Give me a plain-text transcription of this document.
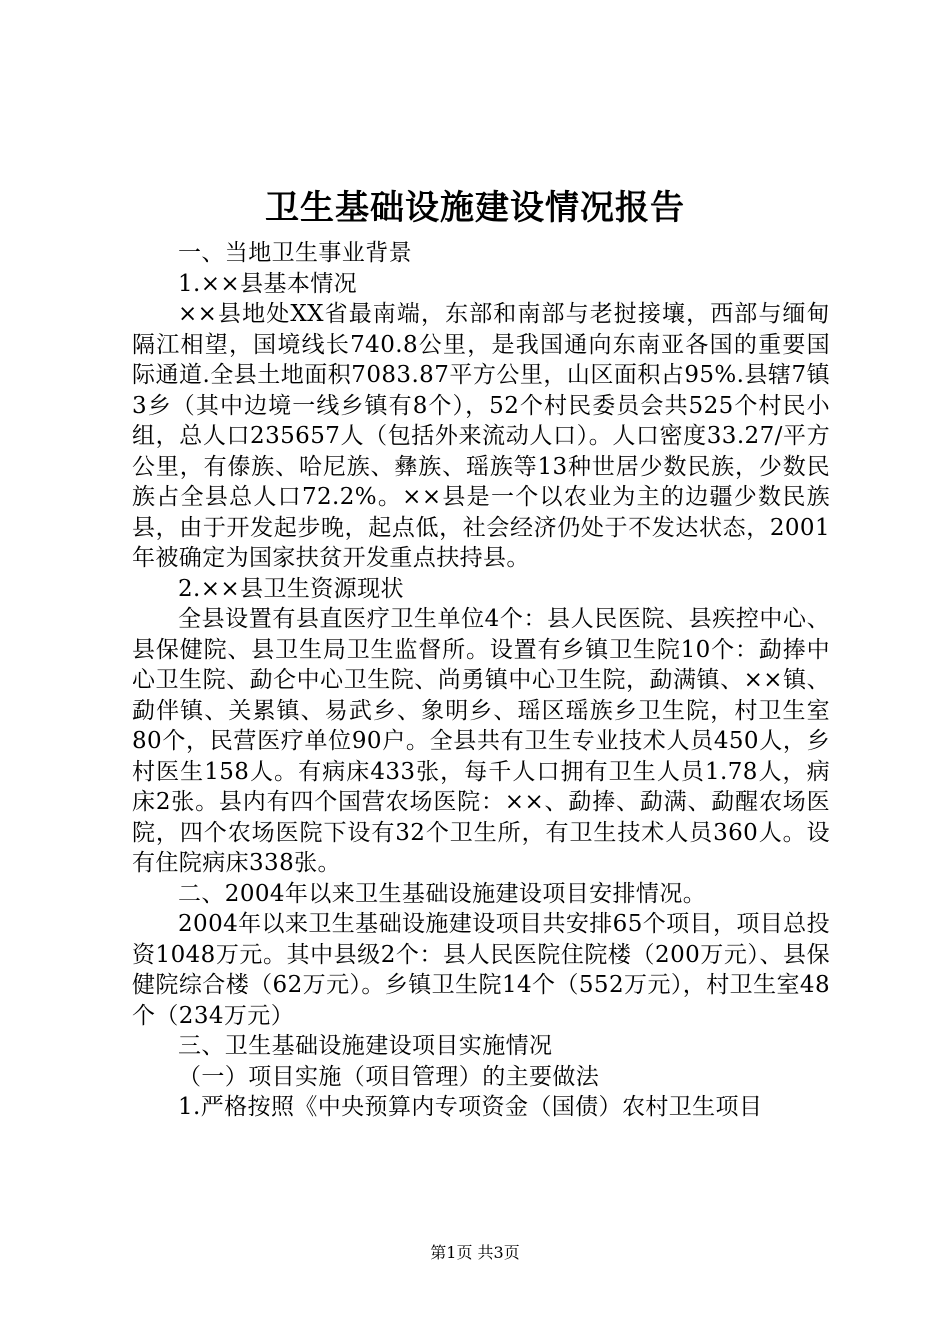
卫生基础设施建设情况报告

一、当地卫生事业背景

1.××县基本情况

××县地处XX省最南端，东部和南部与老挝接壤，西部与缅甸隔江相望，国境线长740.8公里，是我国通向东南亚各国的重要国际通道.全县土地面积7083.87平方公里，山区面积占95%.县辖7镇3乡（其中边境一线乡镇有8个），52个村民委员会共525个村民小组，总人口235657人（包括外来流动人口）。人口密度33.27/平方公里，有傣族、哈尼族、彝族、瑶族等13种世居少数民族，少数民族占全县总人口72.2%。××县是一个以农业为主的边疆少数民族县，由于开发起步晚，起点低，社会经济仍处于不发达状态，2001年被确定为国家扶贫开发重点扶持县。

2.××县卫生资源现状

全县设置有县直医疗卫生单位4个：县人民医院、县疾控中心、县保健院、县卫生局卫生监督所。设置有乡镇卫生院10个：勐捧中心卫生院、勐仑中心卫生院、尚勇镇中心卫生院，勐满镇、××镇、勐伴镇、关累镇、易武乡、象明乡、瑶区瑶族乡卫生院，村卫生室80个，民营医疗单位90户。全县共有卫生专业技术人员450人，乡村医生158人。有病床433张，每千人口拥有卫生人员1.78人，病床2张。县内有四个国营农场医院：××、勐捧、勐满、勐醒农场医院，四个农场医院下设有32个卫生所，有卫生技术人员360人。设有住院病床338张。

二、2004年以来卫生基础设施建设项目安排情况。

2004年以来卫生基础设施建设项目共安排65个项目，项目总投资1048万元。其中县级2个：县人民医院住院楼（200万元）、县保健院综合楼（62万元）。乡镇卫生院14个（552万元），村卫生室48个（234万元）

三、卫生基础设施建设项目实施情况

（一）项目实施（项目管理）的主要做法

1.严格按照《中央预算内专项资金（国债）农村卫生项目

第1页 共3页
